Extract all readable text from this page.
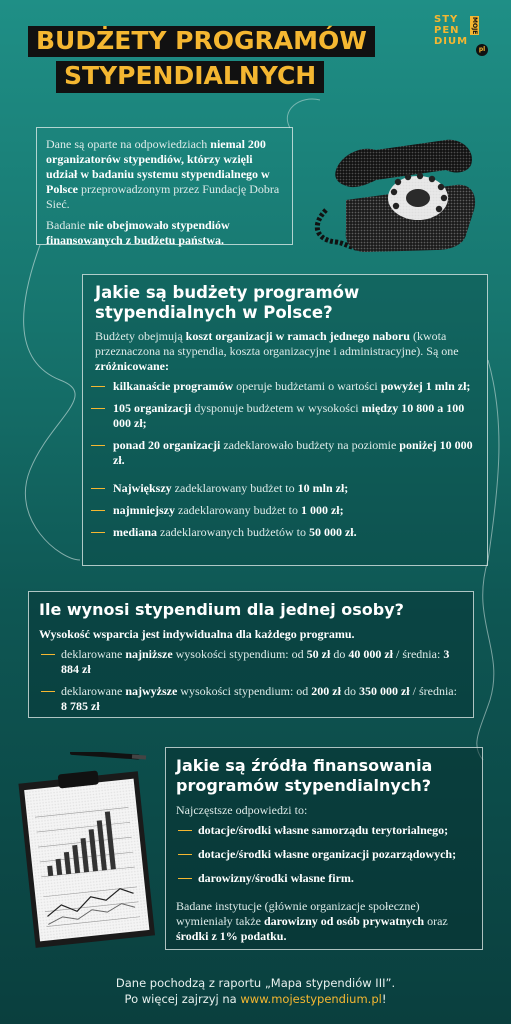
BUDŻETY PROGRAMÓW
STYPENDIALNYCH
STY
PEN
DIUM
MOJE
pl

Dane są oparte na odpowiedziach niemal 200 organizatorów stypendiów, którzy wzięli udział w badaniu systemu stypendialnego w Polsce przeprowadzonym przez Fundację Dobra Sieć.

Badanie nie obejmowało stypendiów finansowanych z budżetu państwa.

Jakie są budżety programów stypendialnych w Polsce?

Budżety obejmują koszt organizacji w ramach jednego naboru (kwota przeznaczona na stypendia, koszta organizacyjne i administracyjne). Są one zróżnicowane:

kilkanaście programów operuje budżetami o wartości powyżej 1 mln zł;
105 organizacji dysponuje budżetem w wysokości między 10 800 a 100 000 zł;
ponad 20 organizacji zadeklarowało budżety na poziomie poniżej 10 000 zł.
Największy zadeklarowany budżet to 10 mln zł;
najmniejszy zadeklarowany budżet to 1 000 zł;
mediana zadeklarowanych budżetów to 50 000 zł.
Ile wynosi stypendium dla jednej osoby?

Wysokość wsparcia jest indywidualna dla każdego programu.

deklarowane najniższe wysokości stypendium: od 50 zł do 40 000 zł / średnia: 3 884 zł
deklarowane najwyższe wysokości stypendium: od 200 zł do 350 000 zł / średnia: 8 785 zł
Jakie są źródła finansowania programów stypendialnych?

Najczęstsze odpowiedzi to:

dotacje/środki własne samorządu terytorialnego;
dotacje/środki własne organizacji pozarządowych;
darowizny/środki własne firm.

Badane instytucje (głównie organizacje społeczne) wymieniały także darowizny od osób prywatnych oraz środki z 1% podatku.

Dane pochodzą z raportu „Mapa stypendiów III”.
Po więcej zajrzyj na www.mojestypendium.pl!
